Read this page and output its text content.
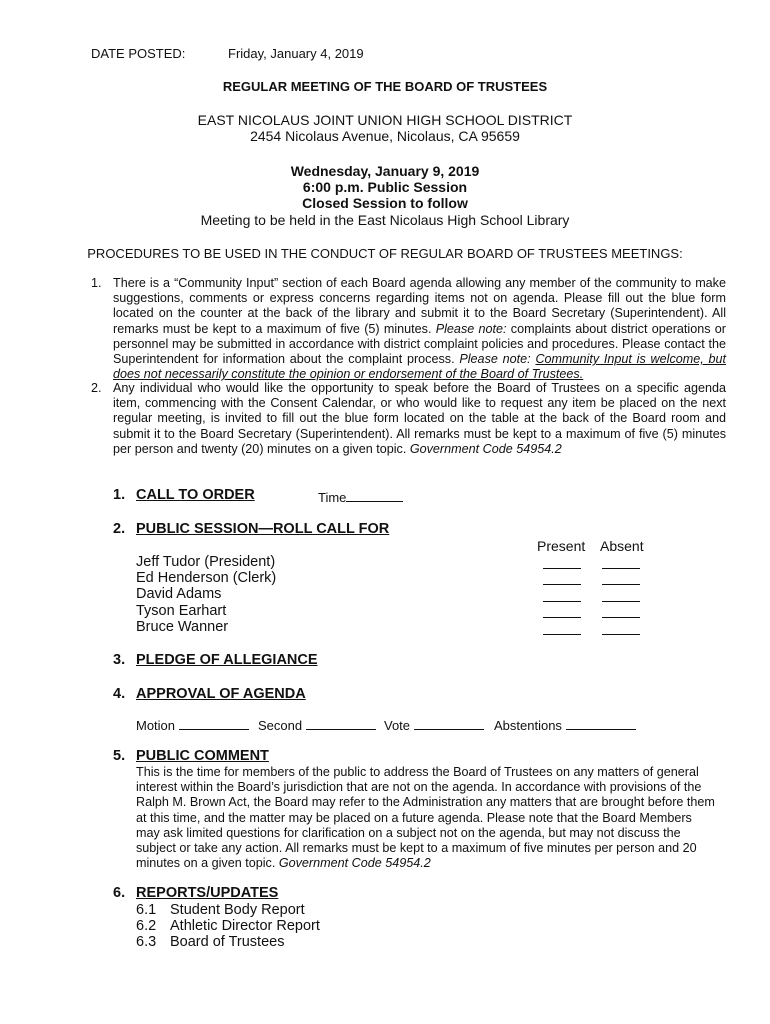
DATE POSTED:	Friday, January 4, 2019
REGULAR MEETING OF THE BOARD OF TRUSTEES
EAST NICOLAUS JOINT UNION HIGH SCHOOL DISTRICT
2454 Nicolaus Avenue, Nicolaus, CA 95659
Wednesday, January 9, 2019
6:00 p.m. Public Session
Closed Session to follow
Meeting to be held in the East Nicolaus High School Library
PROCEDURES TO BE USED IN THE CONDUCT OF REGULAR BOARD OF TRUSTEES MEETINGS:
1. There is a “Community Input” section of each Board agenda allowing any member of the community to make suggestions, comments or express concerns regarding items not on agenda. Please fill out the blue form located on the counter at the back of the library and submit it to the Board Secretary (Superintendent). All remarks must be kept to a maximum of five (5) minutes. Please note: complaints about district operations or personnel may be submitted in accordance with district complaint policies and procedures. Please contact the Superintendent for information about the complaint process. Please note: Community Input is welcome, but does not necessarily constitute the opinion or endorsement of the Board of Trustees.
2. Any individual who would like the opportunity to speak before the Board of Trustees on a specific agenda item, commencing with the Consent Calendar, or who would like to request any item be placed on the next regular meeting, is invited to fill out the blue form located on the table at the back of the Board room and submit it to the Board Secretary (Superintendent). All remarks must be kept to a maximum of five (5) minutes per person and twenty (20) minutes on a given topic. Government Code 54954.2
1. CALL TO ORDER	Time
2. PUBLIC SESSION—ROLL CALL FOR
Present Absent
Jeff Tudor (President)
Ed Henderson (Clerk)
David Adams
Tyson Earhart
Bruce Wanner
3. PLEDGE OF ALLEGIANCE
4. APPROVAL OF AGENDA
Motion	Second	Vote	Abstentions
5. PUBLIC COMMENT
This is the time for members of the public to address the Board of Trustees on any matters of general interest within the Board’s jurisdiction that are not on the agenda. In accordance with provisions of the Ralph M. Brown Act, the Board may refer to the Administration any matters that are brought before them at this time, and the matter may be placed on a future agenda. Please note that the Board Members may ask limited questions for clarification on a subject not on the agenda, but may not discuss the subject or take any action. All remarks must be kept to a maximum of five minutes per person and 20 minutes on a given topic. Government Code 54954.2
6. REPORTS/UPDATES
6.1 Student Body Report
6.2 Athletic Director Report
6.3 Board of Trustees
